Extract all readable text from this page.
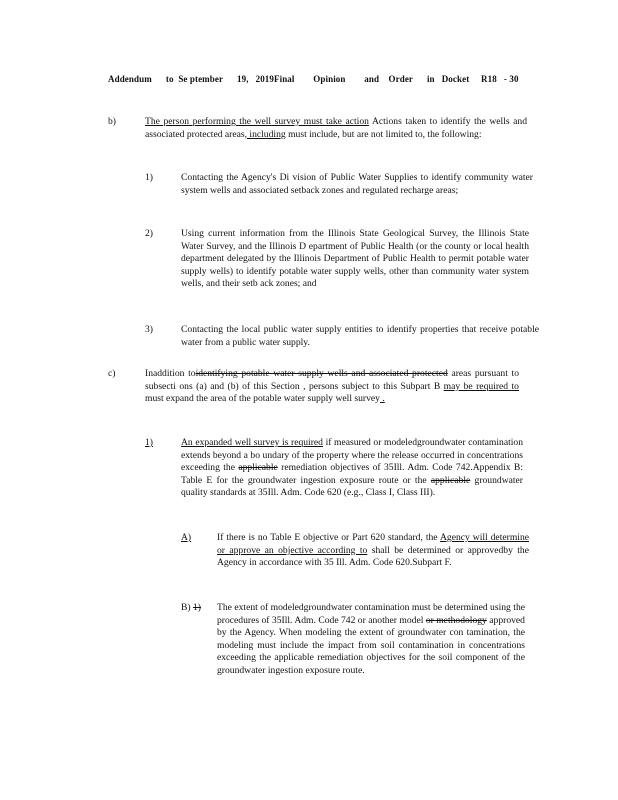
Addendum      to  Se ptember      19,   2019Final        Opinion        and    Order      in   Docket     R18   - 30
b)	The person performing the well survey must take action Actions taken to identify the wells and associated protected areas, including must include, but are not limited to, the following:
1)	Contacting the Agency's Di vision of Public Water Supplies to identify community water system wells and associated setback zones and regulated recharge areas;
2)	Using current information from the Illinois State Geological Survey, the Illinois State Water Survey, and the Illinois D epartment of Public Health (or the county or local health department delegated by the Illinois Department of Public Health to permit potable water supply wells) to identify potable water supply wells, other than community water system wells, and their setb ack zones; and
3)	Contacting the local public water supply entities to identify properties that receive potable water from a public water supply.
c)	Inaddition toidentifying potable water supply wells and associated protected areas pursuant to subsecti ons (a) and (b) of this Section , persons subject to this Subpart B may be required to must expand the area of the potable water supply well survey .
1)	An expanded well survey is required if measured or modeledgroundwater contamination extends beyond a bo undary of the property where the release occurred in concentrations exceeding the applicable remediation objectives of 35Ill. Adm. Code 742.Appendix B: Table E for the groundwater ingestion exposure route or the applicable groundwater quality standards at 35Ill. Adm. Code 620 (e.g., Class I, Class III).
A)	If there is no Table E objective or Part 620 standard, the Agency will determine or approve an objective according to shall be determined or approvedby the Agency in accordance with 35 Ill. Adm. Code 620.Subpart F.
B) 1) The extent of modeledgroundwater contamination must be determined using the procedures of 35Ill. Adm. Code 742 or another model or methodology approved by the Agency. When modeling the extent of groundwater con tamination, the modeling must include the impact from soil contamination in concentrations exceeding the applicable remediation objectives for the soil component of the groundwater ingestion exposure route.
